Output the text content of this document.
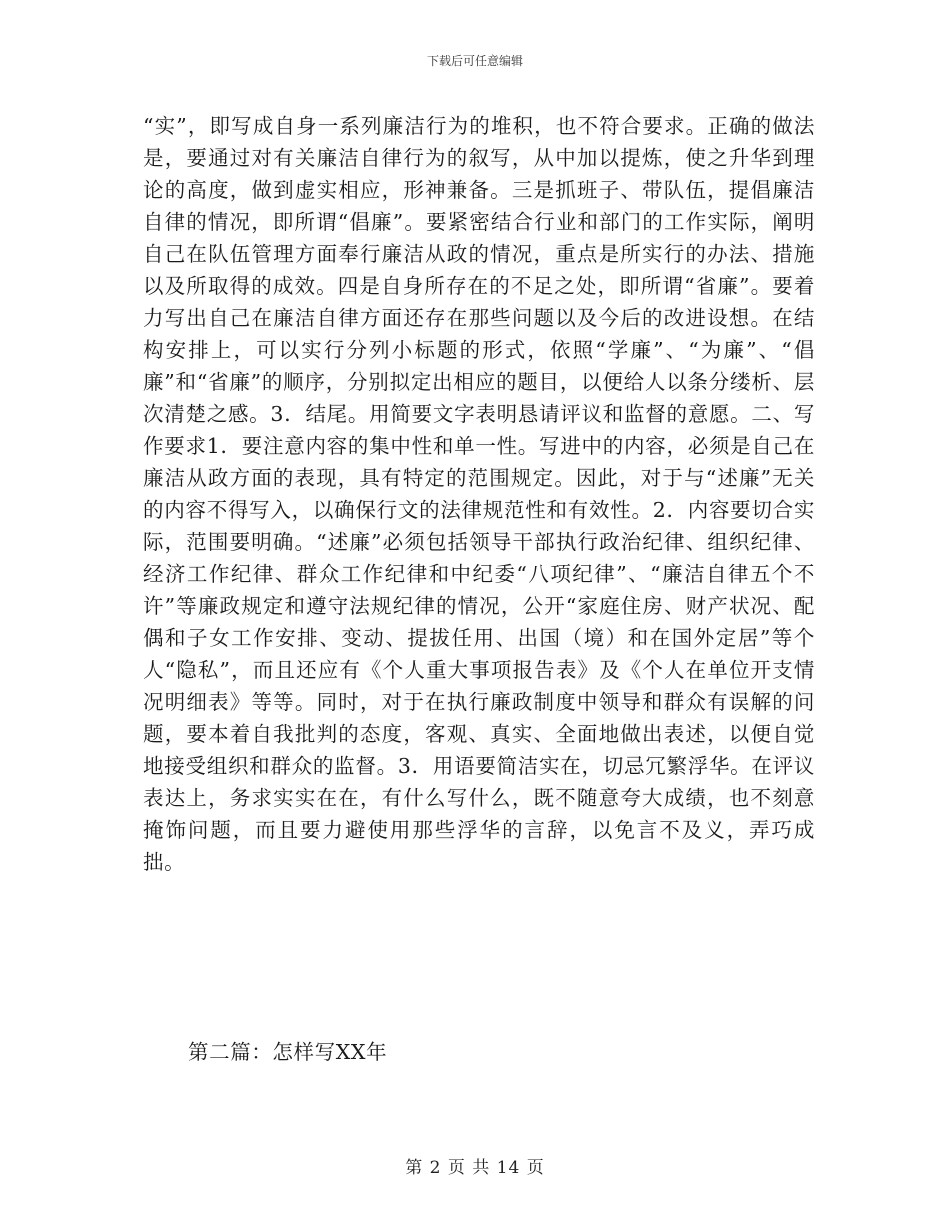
下载后可任意编辑

“实”，即写成自身一系列廉洁行为的堆积，也不符合要求。正确的做法是，要通过对有关廉洁自律行为的叙写，从中加以提炼，使之升华到理论的高度，做到虚实相应，形神兼备。三是抓班子、带队伍，提倡廉洁自律的情况，即所谓“倡廉”。要紧密结合行业和部门的工作实际，阐明自己在队伍管理方面奉行廉洁从政的情况，重点是所实行的办法、措施以及所取得的成效。四是自身所存在的不足之处，即所谓“省廉”。要着力写出自己在廉洁自律方面还存在那些问题以及今后的改进设想。在结构安排上，可以实行分列小标题的形式，依照“学廉”、“为廉”、“倡廉”和“省廉”的顺序，分别拟定出相应的题目，以便给人以条分缕析、层次清楚之感。3．结尾。用简要文字表明恳请评议和监督的意愿。二、写作要求1．要注意内容的集中性和单一性。写进中的内容，必须是自己在廉洁从政方面的表现，具有特定的范围规定。因此，对于与“述廉”无关的内容不得写入，以确保行文的法律规范性和有效性。2．内容要切合实际，范围要明确。“述廉”必须包括领导干部执行政治纪律、组织纪律、经济工作纪律、群众工作纪律和中纪委“八项纪律”、“廉洁自律五个不许”等廉政规定和遵守法规纪律的情况，公开“家庭住房、财产状况、配偶和子女工作安排、变动、提拔任用、出国（境）和在国外定居”等个人“隐私”，而且还应有《个人重大事项报告表》及《个人在单位开支情况明细表》等等。同时，对于在执行廉政制度中领导和群众有误解的问题，要本着自我批判的态度，客观、真实、全面地做出表述，以便自觉地接受组织和群众的监督。3．用语要简洁实在，切忌冗繁浮华。在评议表达上，务求实实在在，有什么写什么，既不随意夸大成绩，也不刻意掩饰问题，而且要力避使用那些浮华的言辞，以免言不及义，弄巧成拙。

第二篇：怎样写XX年
第 2 页 共 14 页
